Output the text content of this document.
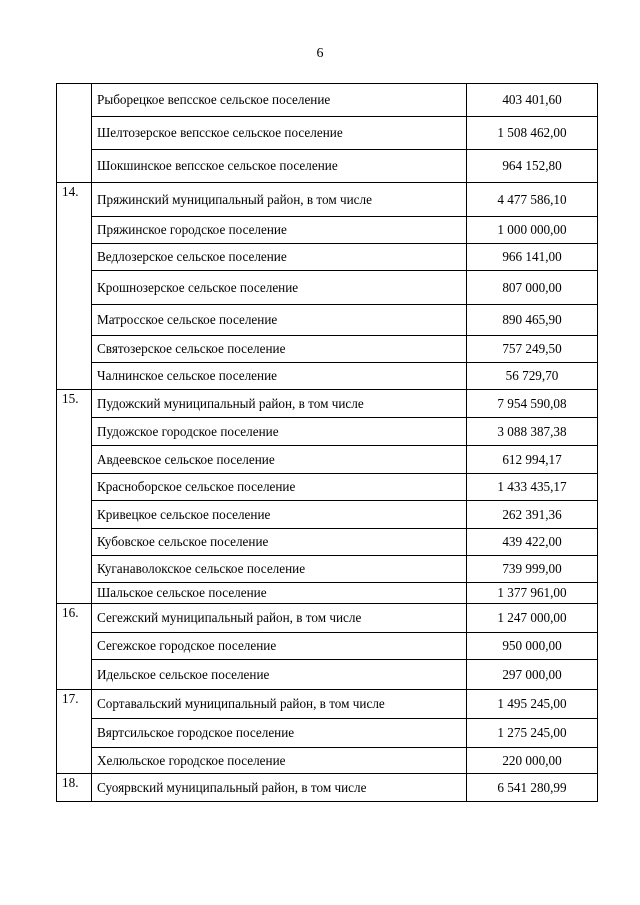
6
	Рыборецкое вепсское сельское поселение	403 401,60
	Шелтозерское вепсское сельское поселение	1 508 462,00
	Шокшинское вепсское сельское поселение	964 152,80
14.	Пряжинский муниципальный район, в том числе	4 477 586,10
	Пряжинское городское поселение	1 000 000,00
	Ведлозерское сельское поселение	966 141,00
	Крошнозерское сельское поселение	807 000,00
	Матросское сельское поселение	890 465,90
	Святозерское сельское поселение	757 249,50
	Чалнинское сельское поселение	56 729,70
15.	Пудожский муниципальный район, в том числе	7 954 590,08
	Пудожское городское поселение	3 088 387,38
	Авдеевское сельское поселение	612 994,17
	Красноборское сельское поселение	1 433 435,17
	Кривецкое сельское поселение	262 391,36
	Кубовское сельское поселение	439 422,00
	Куганаволокское сельское поселение	739 999,00
	Шальское сельское поселение	1 377 961,00
16.	Сегежский муниципальный район, в том числе	1 247 000,00
	Сегежское городское поселение	950 000,00
	Идельское сельское поселение	297 000,00
17.	Сортавальский муниципальный район, в том числе	1 495 245,00
	Вяртсильское городское поселение	1 275 245,00
	Хелюльское городское поселение	220 000,00
18.	Суоярвский муниципальный район, в том числе	6 541 280,99
